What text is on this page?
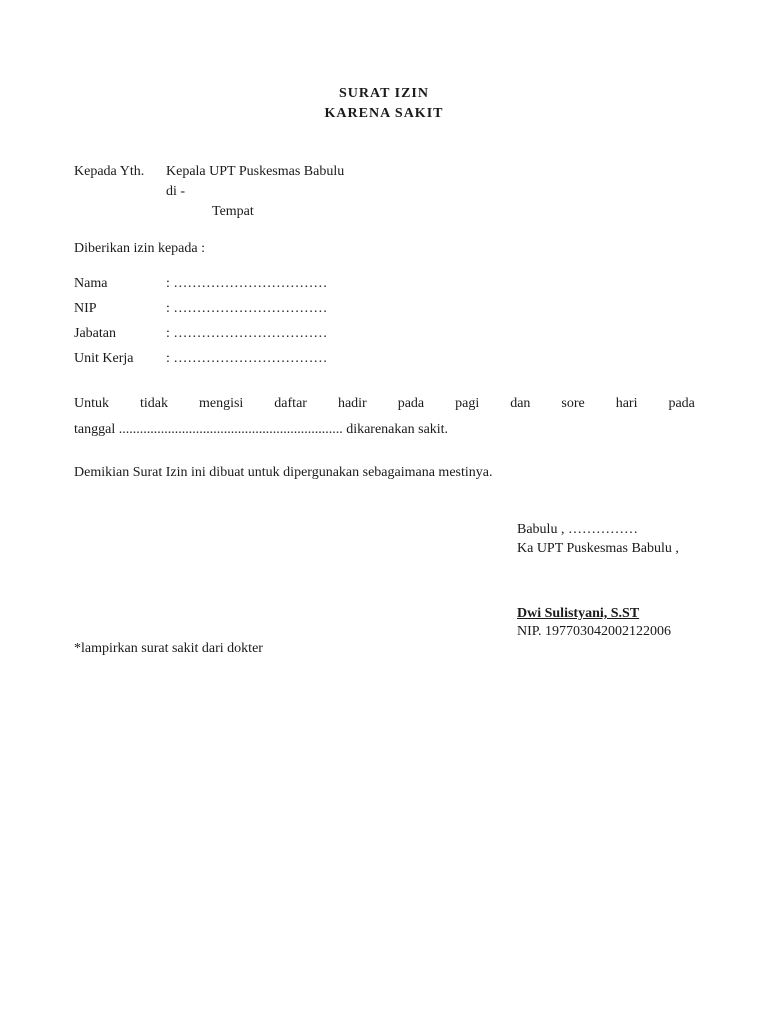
SURAT IZIN
KARENA SAKIT
Kepada Yth. Kepala UPT Puskesmas Babulu
di -
Tempat
Diberikan izin kepada :
Nama	: ……………………………
NIP	: ……………………………
Jabatan	: ……………………………
Unit Kerja : ……………………………
Untuk tidak mengisi daftar hadir pada pagi dan sore hari pada
tanggal ................................................................ dikarenakan sakit.
Demikian Surat Izin ini dibuat untuk dipergunakan sebagaimana mestinya.
Babulu , ……………
Ka UPT Puskesmas Babulu ,
Dwi Sulistyani, S.ST
NIP. 197703042002122006
*lampirkan surat sakit dari dokter
